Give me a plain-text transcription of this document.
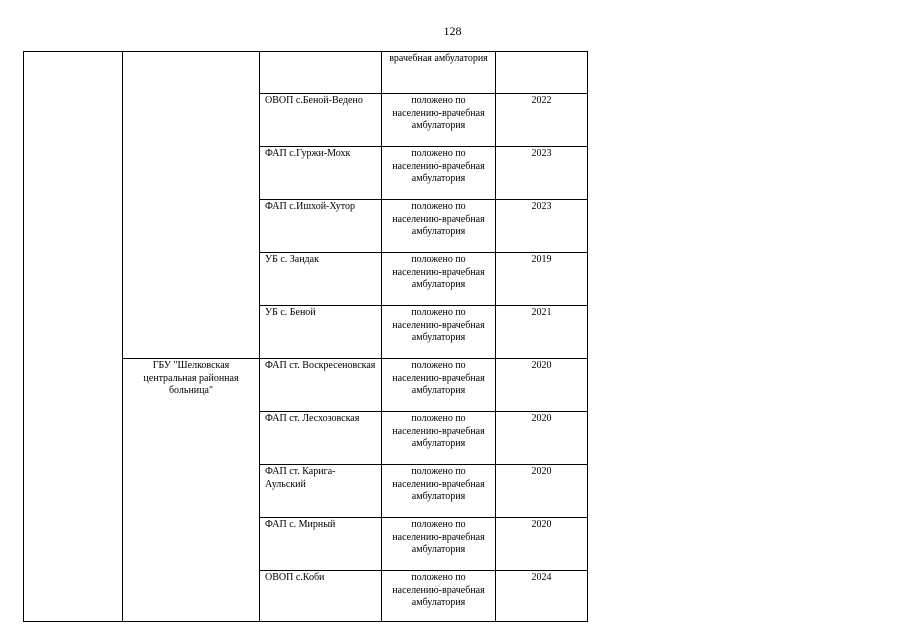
128
			врачебная амбулатория	
		ОВОП с.Беной-Ведено	положено по населению-врачебная амбулатория	2022
		ФАП с.Гуржи-Мохк	положено по населению-врачебная амбулатория	2023
		ФАП с.Ишхой-Хутор	положено по населению-врачебная амбулатория	2023
		УБ с. Зандак	положено по населению-врачебная амбулатория	2019
		УБ с. Беной	положено по населению-врачебная амбулатория	2021
	ГБУ "Шелковская центральная районная больница"	ФАП ст. Воскресеновская	положено по населению-врачебная амбулатория	2020
		ФАП ст. Лесхозовская	положено по населению-врачебная амбулатория	2020
		ФАП ст. Карига-Аульский	положено по населению-врачебная амбулатория	2020
		ФАП с. Мирный	положено по населению-врачебная амбулатория	2020
		ОВОП с.Коби	положено по населению-врачебная амбулатория	2024
